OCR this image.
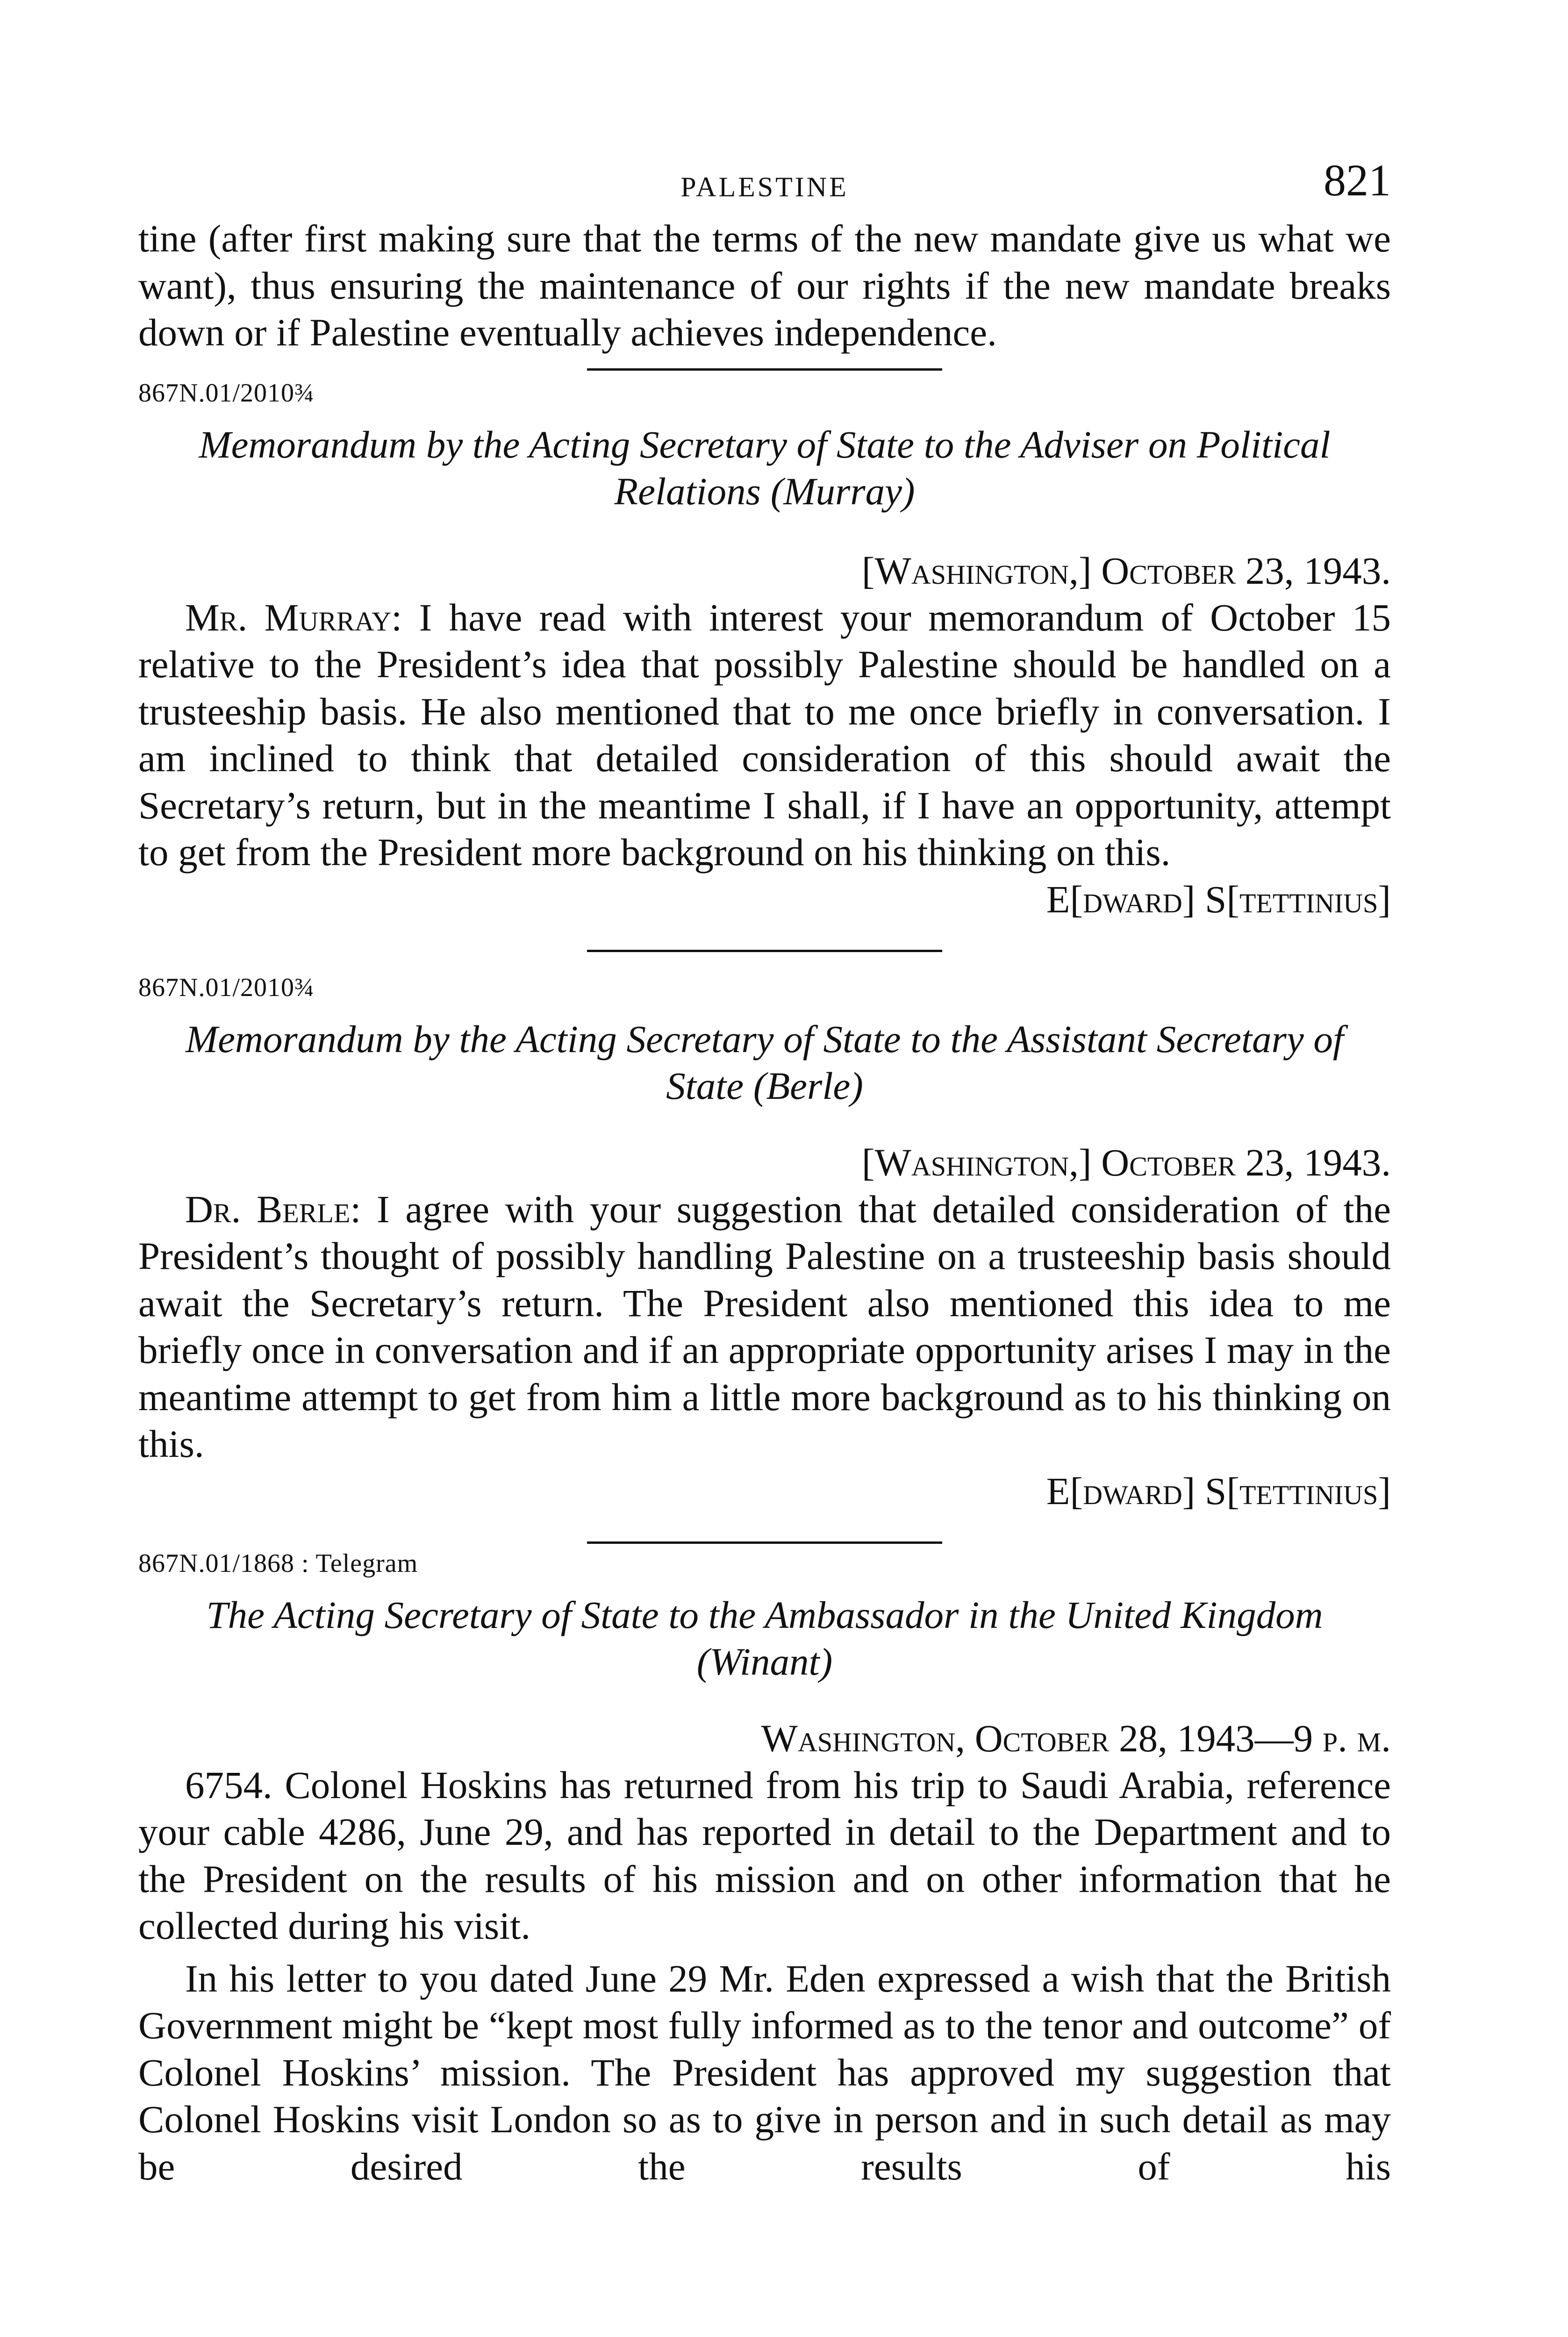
PALESTINE	821

tine (after first making sure that the terms of the new mandate give us what we want), thus ensuring the maintenance of our rights if the new mandate breaks down or if Palestine eventually achieves independence.

867N.01/2010¾
Memorandum by the Acting Secretary of State to the Adviser on Political Relations (Murray)
[Washington,] October 23, 1943.

Mr. Murray: I have read with interest your memorandum of October 15 relative to the President’s idea that possibly Palestine should be handled on a trusteeship basis. He also mentioned that to me once briefly in conversation. I am inclined to think that detailed consideration of this should await the Secretary’s return, but in the meantime I shall, if I have an opportunity, attempt to get from the President more background on his thinking on this.

E[dward] S[tettinius]
867N.01/2010¾
Memorandum by the Acting Secretary of State to the Assistant Secretary of State (Berle)
[Washington,] October 23, 1943.

Dr. Berle: I agree with your suggestion that detailed consideration of the President’s thought of possibly handling Palestine on a trusteeship basis should await the Secretary’s return. The President also mentioned this idea to me briefly once in conversation and if an appropriate opportunity arises I may in the meantime attempt to get from him a little more background as to his thinking on this.

E[dward] S[tettinius]
867N.01/1868 : Telegram
The Acting Secretary of State to the Ambassador in the United Kingdom (Winant)
Washington, October 28, 1943—9 p. m.

6754. Colonel Hoskins has returned from his trip to Saudi Arabia, reference your cable 4286, June 29, and has reported in detail to the Department and to the President on the results of his mission and on other information that he collected during his visit.

In his letter to you dated June 29 Mr. Eden expressed a wish that the British Government might be “kept most fully informed as to the tenor and outcome” of Colonel Hoskins’ mission. The President has approved my suggestion that Colonel Hoskins visit London so as to give in person and in such detail as may be desired the results of his
